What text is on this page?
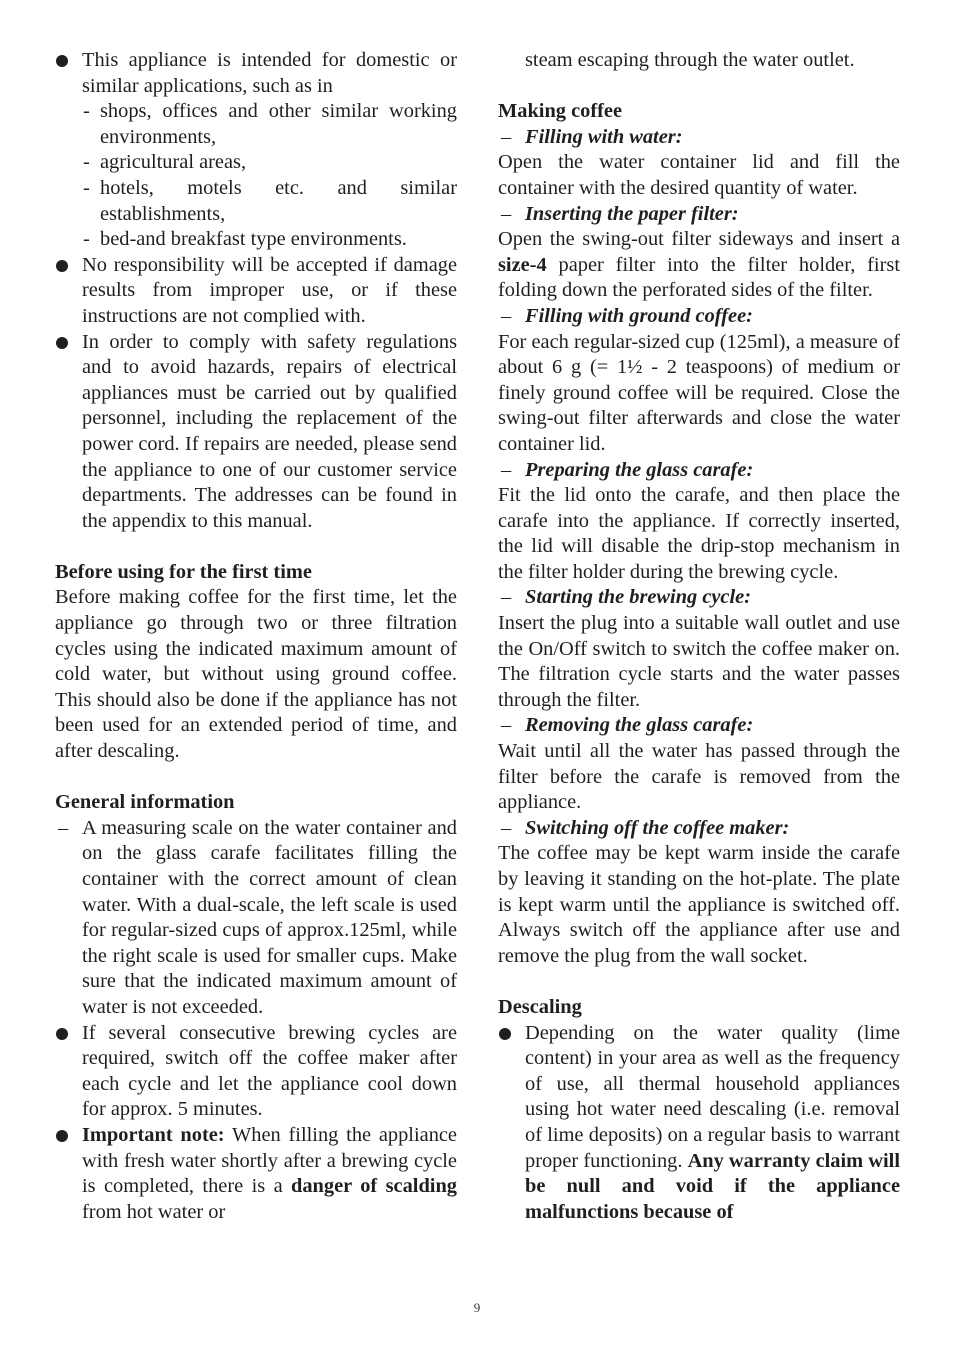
This appliance is intended for domestic or similar applications, such as in
- shops, offices and other similar working environments,
- agricultural areas,
- hotels, motels etc. and similar establishments,
- bed-and breakfast type environments.
No responsibility will be accepted if damage results from improper use, or if these instructions are not complied with.
In order to comply with safety regulations and to avoid hazards, repairs of electrical appliances must be carried out by qualified personnel, including the replacement of the power cord. If repairs are needed, please send the appliance to one of our customer service departments. The addresses can be found in the appendix to this manual.

Before using for the first time

Before making coffee for the first time, let the appliance go through two or three filtration cycles using the indicated maximum amount of cold water, but without using ground coffee. This should also be done if the appliance has not been used for an extended period of time, and after descaling.

General information

– A measuring scale on the water container and on the glass carafe facilitates filling the container with the correct amount of clean water. With a dual-scale, the left scale is used for regular-sized cups of approx.125ml, while the right scale is used for smaller cups. Make sure that the indicated maximum amount of water is not exceeded.
If several consecutive brewing cycles are required, switch off the coffee maker after each cycle and let the appliance cool down for approx. 5 minutes.
Important note: When filling the appliance with fresh water shortly after a brewing cycle is completed, there is a danger of scalding from hot water or

steam escaping through the water outlet.

Making coffee

– Filling with water:

Open the water container lid and fill the container with the desired quantity of water.

– Inserting the paper filter:

Open the swing-out filter sideways and insert a size-4 paper filter into the filter holder, first folding down the perforated sides of the filter.

– Filling with ground coffee:

For each regular-sized cup (125ml), a measure of about 6 g (= 1½ - 2 teaspoons) of medium or finely ground coffee will be required. Close the swing-out filter afterwards and close the water container lid.

– Preparing the glass carafe:

Fit the lid onto the carafe, and then place the carafe into the appliance. If correctly inserted, the lid will disable the drip-stop mechanism in the filter holder during the brewing cycle.

– Starting the brewing cycle:

Insert the plug into a suitable wall outlet and use the On/Off switch to switch the coffee maker on. The filtration cycle starts and the water passes through the filter.

– Removing the glass carafe:

Wait until all the water has passed through the filter before the carafe is removed from the appliance.

– Switching off the coffee maker:

The coffee may be kept warm inside the carafe by leaving it standing on the hot-plate. The plate is kept warm until the appliance is switched off. Always switch off the appliance after use and remove the plug from the wall socket.

Descaling

Depending on the water quality (lime content) in your area as well as the frequency of use, all thermal household appliances using hot water need descaling (i.e. removal of lime deposits) on a regular basis to warrant proper functioning. Any warranty claim will be null and void if the appliance malfunctions because of
9
